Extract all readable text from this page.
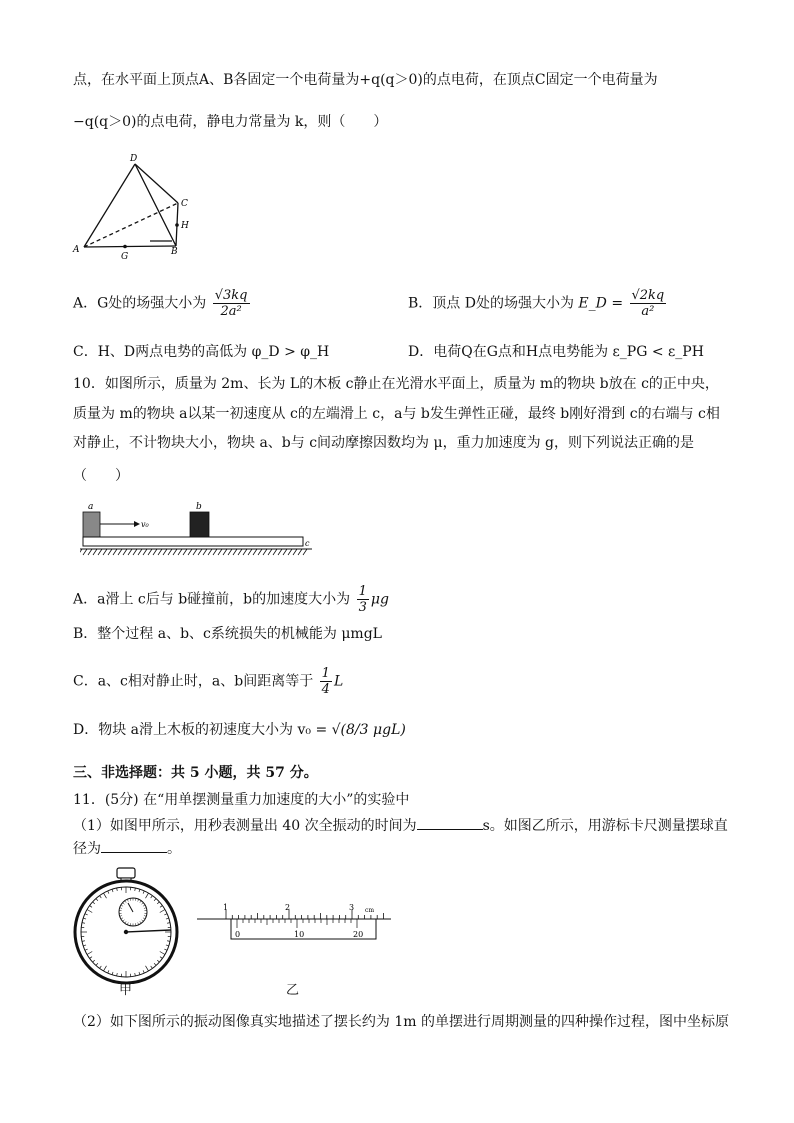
点，在水平面上顶点A、B各固定一个电荷量为+q(q＞0)的点电荷，在顶点C固定一个电荷量为
−q(q＞0)的点电荷，静电力常量为 k，则（　　）
D
C
H
A
G	B
A．G处的场强大小为 $\frac{√3kq}{\text{2a²}}$	B．顶点 D处的场强大小为 E_D = $\frac{√2kq}{\text{a²}}$
C．H、D两点电势的高低为 φ_D > φ_H	D．电荷Q在G点和H点电势能为 ε_PG < ε_PH
10．如图所示，质量为 2m、长为 L的木板 c静止在光滑水平面上，质量为 m的物块 b放在 c的正中央，
质量为 m的物块 a以某一初速度从 c的左端滑上 c，a与 b发生弹性正碰，最终 b刚好滑到 c的右端与 c相
对静止，不计物块大小，物块 a、b与 c间动摩擦因数均为 μ，重力加速度为 g，则下列说法正确的是
（　　）
a	b
v₀
c
A．a滑上 c后与 b碰撞前，b的加速度大小为 $\frac{1}{3}$ μg
B．整个过程 a、b、c系统损失的机械能为 μmgL
C．a、c相对静止时，a、b间距离等于 $\frac{1}{4}$ L
D．物块 a滑上木板的初速度大小为 v₀ = √(8/3 μgL)
三、非选择题：共 5 小题，共 57 分。
11．(5分) 在“用单摆测量重力加速度的大小”的实验中
（1）如图甲所示，用秒表测量出 40 次全振动的时间为	s。如图乙所示，用游标卡尺测量摆球直
径为	。
甲
1	2	3 cm
0	10	20
乙
（2）如下图所示的振动图像真实地描述了摆长约为 1m 的单摆进行周期测量的四种操作过程，图中坐标原
